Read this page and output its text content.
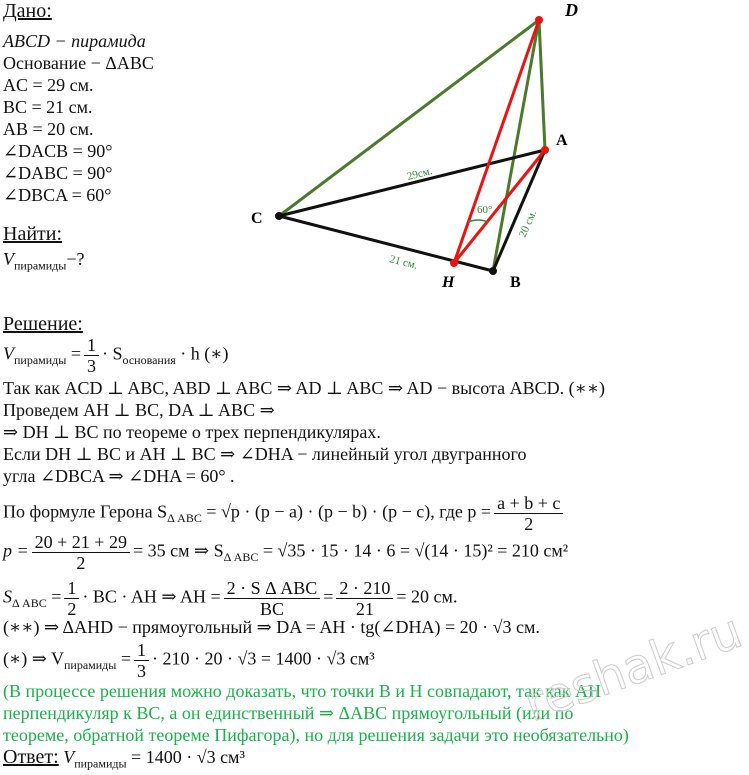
D
A
C
B
H
29см.
21 см.
20 см.
60°
Дано:
ABCD − пирамида
Основание − ΔABC
AC = 29 см.
BC = 21 см.
AB = 20 см.
∠DACB = 90°
∠DABC = 90°
∠DBCA = 60°
Найти:
$V_{пирамиды}-$?
Решение:
$V_{пирамиды} = \frac{1}{3} \cdot S_{основания} \cdot h$ (∗)
Так как ACD ⊥ ABC, ABD ⊥ ABC ⇒ AD ⊥ ABC ⇒ AD − высота ABCD. (∗∗)
Проведем АН ⊥ BC, DA ⊥ ABC ⇒
⇒ DH ⊥ BC по теореме о трех перпендикулярах.
Если DH ⊥ BC и АН ⊥ BC ⇒ ∠DHA − линейный угол двугранного
угла ∠DBCA ⇒ ∠DHA = 60° .
По формуле Герона $S_{\Delta ABC} = √p \cdot (p - a) \cdot (p - b) \cdot (p - c)$, где $p = \frac{a + b + c}{2}$
$p = \frac{20 + 21 + 29}{2} = 35$ см ⇒ $S_{\Delta ABC} = √35 \cdot 15 \cdot 14 \cdot 6 = √(14 \cdot 15)^2 = 210$ см²
$S_{\Delta ABC} = \frac{1}{2}$ · BC · AH ⇒ AH = $\frac{\text{2 · S Δ ABC}}{BC} = \frac{2 \cdot 210}{21} = 20$ см.
(∗∗) ⇒ ΔAHD − прямоугольный ⇒ DA = AH · tg(∠DHA) = 20 · √3 см.
(∗) ⇒ $V_{пирамиды} = \frac{1}{3} \cdot 210 \cdot 20 \cdot √3 = 1400 \cdot √3$ см³
(В процессе решения можно доказать, что точки B и H совпадают, так как AH
перпендикуляр к BC, а он единственный ⇒ ΔABC прямоугольный (или по
теореме, обратной теореме Пифагора), но для решения задачи это необязательно)
Ответ: $V_{пирамиды} = 1400 \cdot √3$ см³
reshak.ru
